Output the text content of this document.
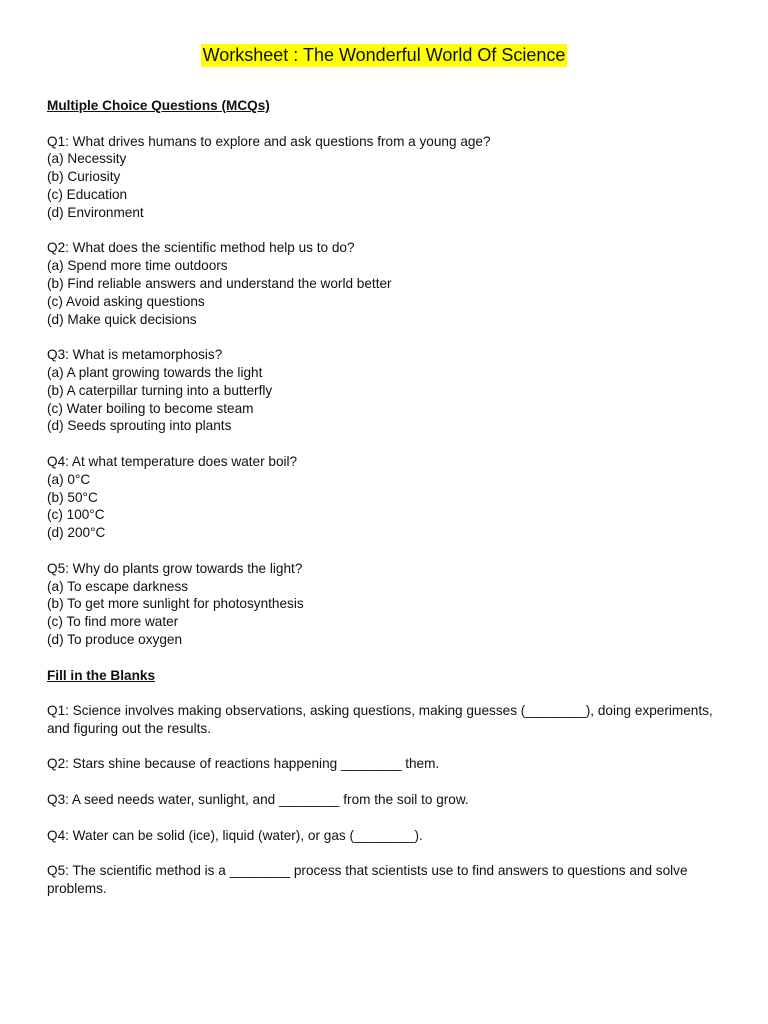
Worksheet : The Wonderful World Of Science
Multiple Choice Questions (MCQs)
Q1: What drives humans to explore and ask questions from a young age?
(a) Necessity
(b) Curiosity
(c) Education
(d) Environment
Q2: What does the scientific method help us to do?
(a) Spend more time outdoors
(b) Find reliable answers and understand the world better
(c) Avoid asking questions
(d) Make quick decisions
Q3: What is metamorphosis?
(a) A plant growing towards the light
(b) A caterpillar turning into a butterfly
(c) Water boiling to become steam
(d) Seeds sprouting into plants
Q4: At what temperature does water boil?
(a) 0°C
(b) 50°C
(c) 100°C
(d) 200°C
Q5: Why do plants grow towards the light?
(a) To escape darkness
(b) To get more sunlight for photosynthesis
(c) To find more water
(d) To produce oxygen
Fill in the Blanks
Q1: Science involves making observations, asking questions, making guesses (________), doing experiments, and figuring out the results.
Q2: Stars shine because of reactions happening ________ them.
Q3: A seed needs water, sunlight, and ________ from the soil to grow.
Q4: Water can be solid (ice), liquid (water), or gas (________).
Q5: The scientific method is a ________ process that scientists use to find answers to questions and solve problems.
